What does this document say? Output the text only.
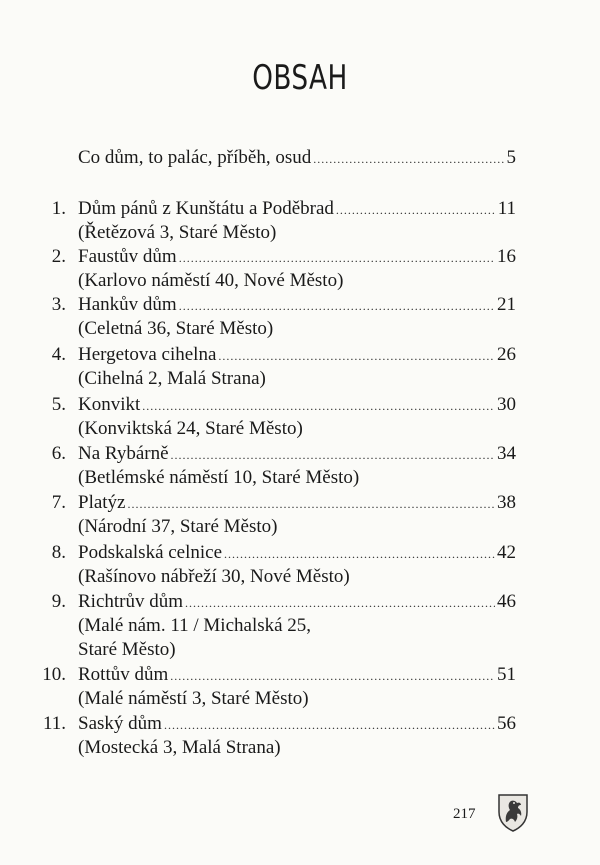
OBSAH
Co dům, to palác, příběh, osud .....	5
1. Dům pánů z Kunštátu a Poděbrad .....	11
(Řetězová 3, Staré Město)
2. Faustův dům .....	16
(Karlovo náměstí 40, Nové Město)
3. Hankův dům .....	21
(Celetná 36, Staré Město)
4. Hergetova cihelna .....	26
(Cihelná 2, Malá Strana)
5. Konvikt .....	30
(Konviktská 24, Staré Město)
6. Na Rybárně .....	34
(Betlémské náměstí 10, Staré Město)
7. Platýz .....	38
(Národní 37, Staré Město)
8. Podskalská celnice .....	42
(Rašínovo nábřeží 30, Nové Město)
9. Richtrův dům .....	46
(Malé nám. 11 / Michalská 25,
Staré Město)
10. Rottův dům .....	51
(Malé náměstí 3, Staré Město)
11. Saský dům .....	56
(Mostecká 3, Malá Strana)
217
